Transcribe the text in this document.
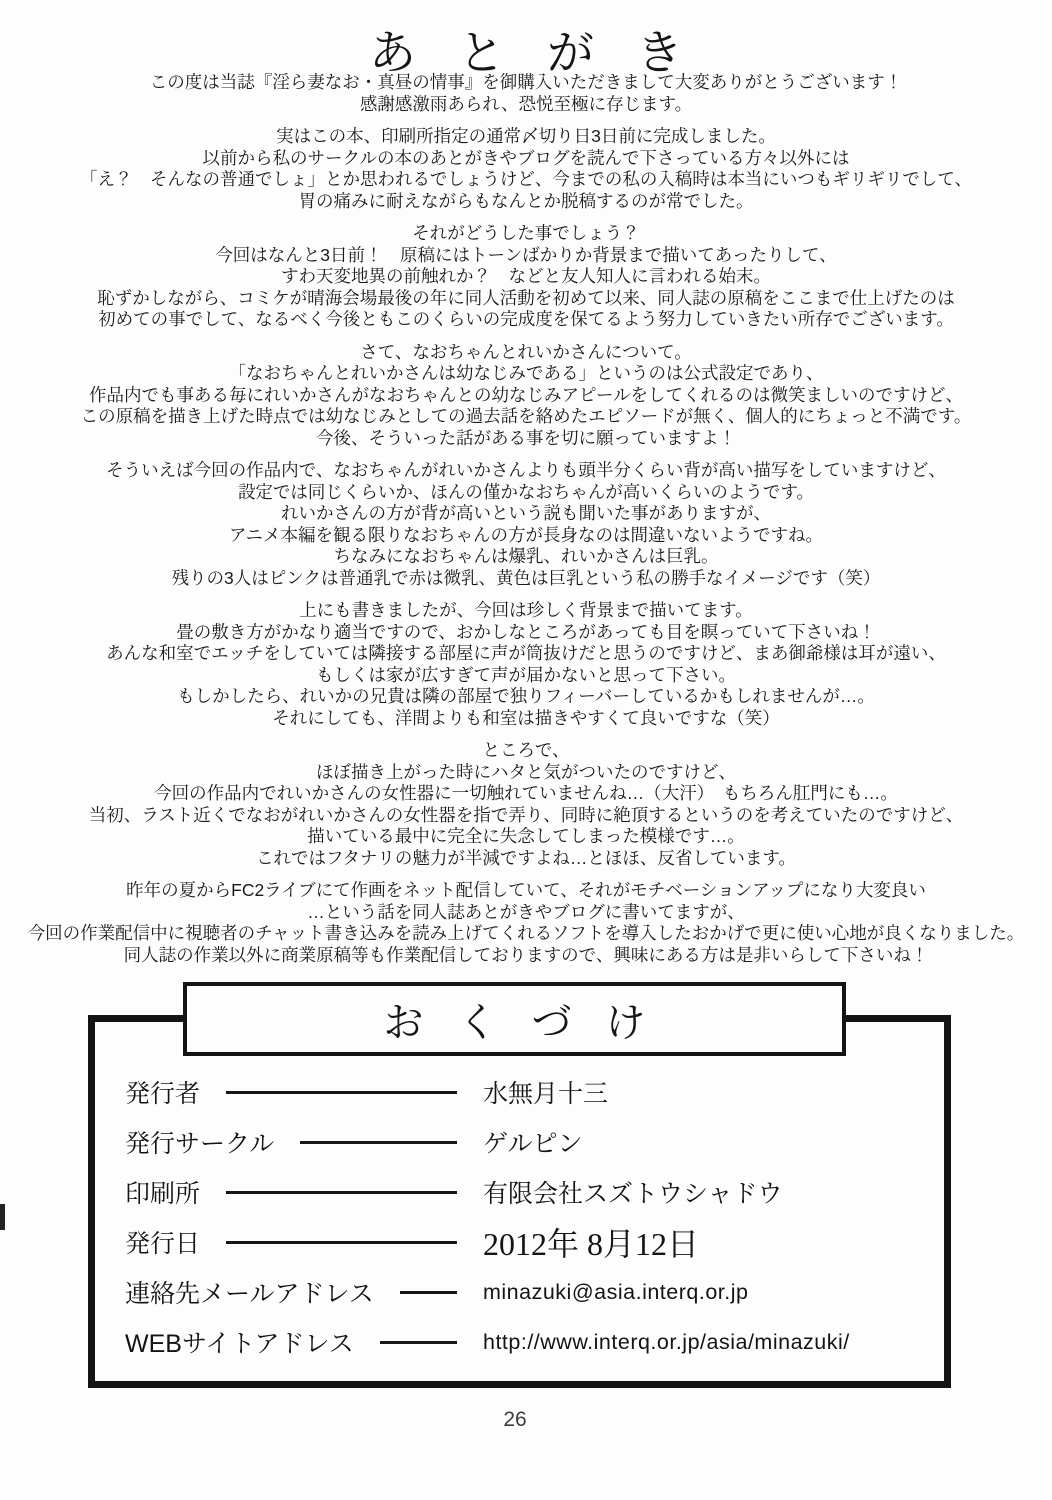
あとがき

この度は当誌『淫ら妻なお・真昼の情事』を御購入いただきまして大変ありがとうございます！
感謝感激雨あられ、恐悦至極に存じます。

実はこの本、印刷所指定の通常〆切り日3日前に完成しました。
以前から私のサークルの本のあとがきやブログを読んで下さっている方々以外には
「え？　そんなの普通でしょ」とか思われるでしょうけど、今までの私の入稿時は本当にいつもギリギリでして、
胃の痛みに耐えながらもなんとか脱稿するのが常でした。

それがどうした事でしょう？
今回はなんと3日前！　原稿にはトーンばかりか背景まで描いてあったりして、
すわ天変地異の前触れか？　などと友人知人に言われる始末。
恥ずかしながら、コミケが晴海会場最後の年に同人活動を初めて以来、同人誌の原稿をここまで仕上げたのは
初めての事でして、なるべく今後ともこのくらいの完成度を保てるよう努力していきたい所存でございます。

さて、なおちゃんとれいかさんについて。
「なおちゃんとれいかさんは幼なじみである」というのは公式設定であり、
作品内でも事ある毎にれいかさんがなおちゃんとの幼なじみアピールをしてくれるのは微笑ましいのですけど、
この原稿を描き上げた時点では幼なじみとしての過去話を絡めたエピソードが無く、個人的にちょっと不満です。
今後、そういった話がある事を切に願っていますよ！

そういえば今回の作品内で、なおちゃんがれいかさんよりも頭半分くらい背が高い描写をしていますけど、
設定では同じくらいか、ほんの僅かなおちゃんが高いくらいのようです。
れいかさんの方が背が高いという説も聞いた事がありますが、
アニメ本編を観る限りなおちゃんの方が長身なのは間違いないようですね。
ちなみになおちゃんは爆乳、れいかさんは巨乳。
残りの3人はピンクは普通乳で赤は微乳、黄色は巨乳という私の勝手なイメージです（笑）

上にも書きましたが、今回は珍しく背景まで描いてます。
畳の敷き方がかなり適当ですので、おかしなところがあっても目を瞑っていて下さいね！
あんな和室でエッチをしていては隣接する部屋に声が筒抜けだと思うのですけど、まあ御爺様は耳が遠い、
もしくは家が広すぎて声が届かないと思って下さい。
もしかしたら、れいかの兄貴は隣の部屋で独りフィーバーしているかもしれませんが…。
それにしても、洋間よりも和室は描きやすくて良いですな（笑）

ところで、
ほぼ描き上がった時にハタと気がついたのですけど、
今回の作品内でれいかさんの女性器に一切触れていませんね…（大汗）　もちろん肛門にも…。
当初、ラスト近くでなおがれいかさんの女性器を指で弄り、同時に絶頂するというのを考えていたのですけど、
描いている最中に完全に失念してしまった模様です…。
これではフタナリの魅力が半減ですよね…とほほ、反省しています。

昨年の夏からFC2ライブにて作画をネット配信していて、それがモチベーションアップになり大変良い
…という話を同人誌あとがきやブログに書いてますが、
今回の作業配信中に視聴者のチャット書き込みを読み上げてくれるソフトを導入したおかげで更に使い心地が良くなりました。
同人誌の作業以外に商業原稿等も作業配信しておりますので、興味にある方は是非いらして下さいね！

発行者	水無月十三
発行サークル	ゲルピン
印刷所	有限会社スズトウシャドウ
発行日	2012年 8月12日
連絡先メールアドレス	minazuki@asia.interq.or.jp
WEBサイトアドレス	http://www.interq.or.jp/asia/minazuki/
おくづけ
26
